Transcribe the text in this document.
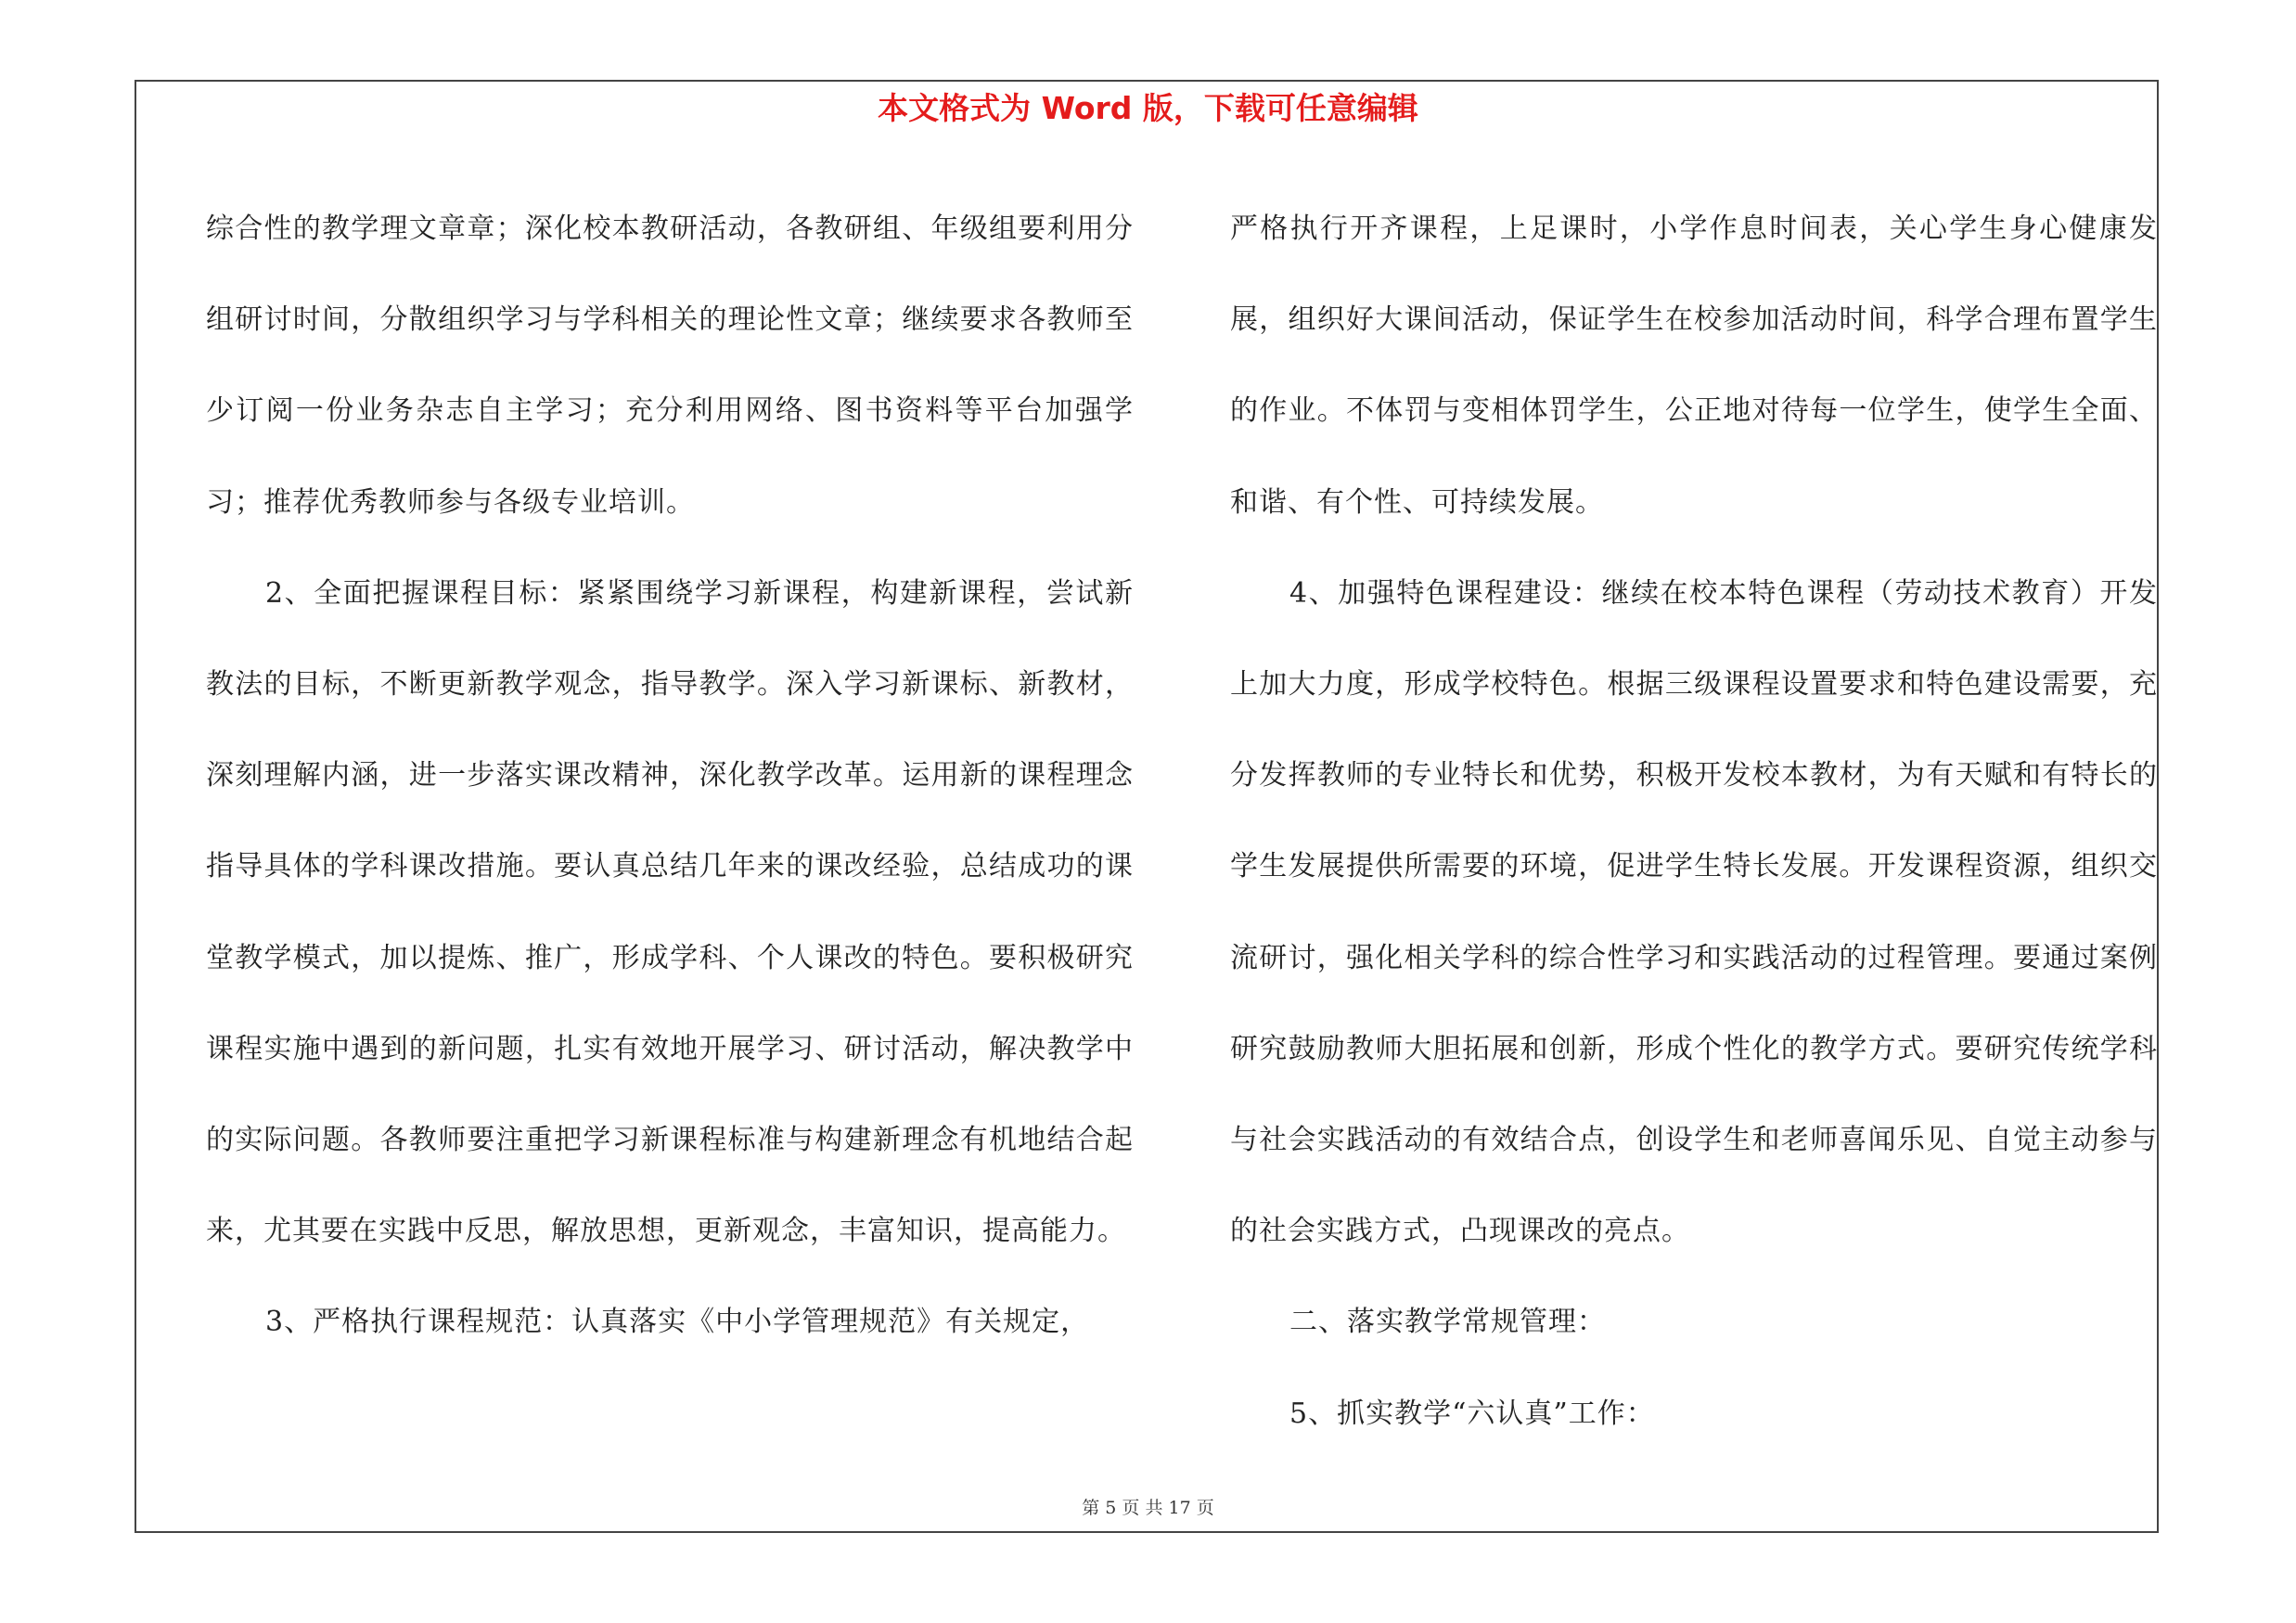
本文格式为 Word 版，下载可任意编辑

综合性的教学理文章章；深化校本教研活动，各教研组、年级组要利用分组研讨时间，分散组织学习与学科相关的理论性文章；继续要求各教师至少订阅一份业务杂志自主学习；充分利用网络、图书资料等平台加强学习；推荐优秀教师参与各级专业培训。

2、全面把握课程目标：紧紧围绕学习新课程，构建新课程，尝试新教法的目标，不断更新教学观念，指导教学。深入学习新课标、新教材，深刻理解内涵，进一步落实课改精神，深化教学改革。运用新的课程理念指导具体的学科课改措施。要认真总结几年来的课改经验，总结成功的课堂教学模式，加以提炼、推广，形成学科、个人课改的特色。要积极研究课程实施中遇到的新问题，扎实有效地开展学习、研讨活动，解决教学中的实际问题。各教师要注重把学习新课程标准与构建新理念有机地结合起来，尤其要在实践中反思，解放思想，更新观念，丰富知识，提高能力。

3、严格执行课程规范：认真落实《中小学管理规范》有关规定，

严格执行开齐课程，上足课时，小学作息时间表，关心学生身心健康发展，组织好大课间活动，保证学生在校参加活动时间，科学合理布置学生的作业。不体罚与变相体罚学生，公正地对待每一位学生，使学生全面、和谐、有个性、可持续发展。

4、加强特色课程建设：继续在校本特色课程（劳动技术教育）开发上加大力度，形成学校特色。根据三级课程设置要求和特色建设需要，充分发挥教师的专业特长和优势，积极开发校本教材，为有天赋和有特长的学生发展提供所需要的环境，促进学生特长发展。开发课程资源，组织交流研讨，强化相关学科的综合性学习和实践活动的过程管理。要通过案例研究鼓励教师大胆拓展和创新，形成个性化的教学方式。要研究传统学科与社会实践活动的有效结合点，创设学生和老师喜闻乐见、自觉主动参与的社会实践方式，凸现课改的亮点。

二、落实教学常规管理：

5、抓实教学“六认真”工作：

第 5 页 共 17 页
